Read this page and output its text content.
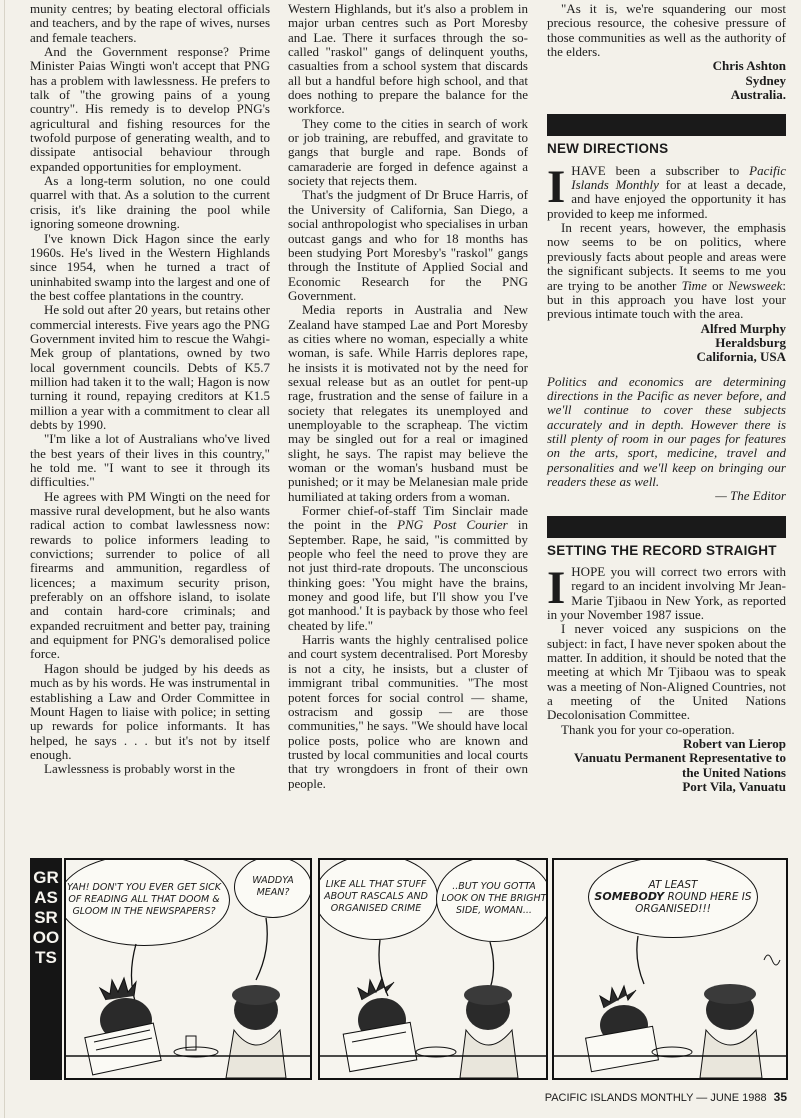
munity centres; by beating electoral officials and teachers, and by the rape of wives, nurses and female teachers.

And the Government response? Prime Minister Paias Wingti won't accept that PNG has a problem with lawlessness. He prefers to talk of "the growing pains of a young country". His remedy is to develop PNG's agricultural and fishing resources for the twofold purpose of generating wealth, and to dissipate antisocial behaviour through expanded opportunities for employment.

As a long-term solution, no one could quarrel with that. As a solution to the current crisis, it's like draining the pool while ignoring someone drowning.

I've known Dick Hagon since the early 1960s. He's lived in the Western Highlands since 1954, when he turned a tract of uninhabited swamp into the largest and one of the best coffee plantations in the country.

He sold out after 20 years, but retains other commercial interests. Five years ago the PNG Government invited him to rescue the Wahgi-Mek group of plantations, owned by two local government councils. Debts of K5.7 million had taken it to the wall; Hagon is now turning it round, repaying creditors at K1.5 million a year with a commitment to clear all debts by 1990.

"I'm like a lot of Australians who've lived the best years of their lives in this country," he told me. "I want to see it through its difficulties."

He agrees with PM Wingti on the need for massive rural development, but he also wants radical action to combat lawlessness now: rewards to police informers leading to convictions; surrender to police of all firearms and ammunition, regardless of licences; a maximum security prison, preferably on an offshore island, to isolate and contain hard-core criminals; and expanded recruitment and better pay, training and equipment for PNG's demoralised police force.

Hagon should be judged by his deeds as much as by his words. He was instrumental in establishing a Law and Order Committee in Mount Hagen to liaise with police; in setting up rewards for police informants. It has helped, he says . . . but it's not by itself enough.

Lawlessness is probably worst in the

Western Highlands, but it's also a problem in major urban centres such as Port Moresby and Lae. There it surfaces through the so-called "raskol" gangs of delinquent youths, casualties from a school system that discards all but a handful before high school, and that does nothing to prepare the balance for the workforce.

They come to the cities in search of work or job training, are rebuffed, and gravitate to gangs that burgle and rape. Bonds of camaraderie are forged in defence against a society that rejects them.

That's the judgment of Dr Bruce Harris, of the University of California, San Diego, a social anthropologist who specialises in urban outcast gangs and who for 18 months has been studying Port Moresby's "raskol" gangs through the Institute of Applied Social and Economic Research for the PNG Government.

Media reports in Australia and New Zealand have stamped Lae and Port Moresby as cities where no woman, especially a white woman, is safe. While Harris deplores rape, he insists it is motivated not by the need for sexual release but as an outlet for pent-up rage, frustration and the sense of failure in a society that relegates its unemployed and unemployable to the scrapheap. The victim may be singled out for a real or imagined slight, he says. The rapist may believe the woman or the woman's husband must be punished; or it may be Melanesian male pride humiliated at taking orders from a woman.

Former chief-of-staff Tim Sinclair made the point in the PNG Post Courier in September. Rape, he said, "is committed by people who feel the need to prove they are not just third-rate dropouts. The unconscious thinking goes: 'You might have the brains, money and good life, but I'll show you I've got manhood.' It is payback by those who feel cheated by life."

Harris wants the highly centralised police and court system decentralised. Port Moresby is not a city, he insists, but a cluster of immigrant tribal communities. "The most potent forces for social control — shame, ostracism and gossip — are those communities," he says. "We should have local police posts, police who are known and trusted by local communities and local courts that try wrongdoers in front of their own people.

"As it is, we're squandering our most precious resource, the cohesive pressure of those communities as well as the authority of the elders.

Chris Ashton

Sydney

Australia.

NEW DIRECTIONS

IHAVE been a subscriber to Pacific Islands Monthly for at least a decade, and have enjoyed the opportunity it has provided to keep me informed.

In recent years, however, the emphasis now seems to be on politics, where previously facts about people and areas were the significant subjects. It seems to me you are trying to be another Time or Newsweek: but in this approach you have lost your previous intimate touch with the area.

Alfred Murphy

Heraldsburg

California, USA

Politics and economics are determining directions in the Pacific as never before, and we'll continue to cover these subjects accurately and in depth. However there is still plenty of room in our pages for features on the arts, sport, medicine, travel and personalities and we'll keep on bringing our readers these as well.

— The Editor
SETTING THE RECORD STRAIGHT

IHOPE you will correct two errors with regard to an incident involving Mr Jean-Marie Tjibaou in New York, as reported in your November 1987 issue.

I never voiced any suspicions on the subject: in fact, I have never spoken about the matter. In addition, it should be noted that the meeting at which Mr Tjibaou was to speak was a meeting of Non-Aligned Countries, not a meeting of the United Nations Decolonisation Committee.

Thank you for your co-operation.

Robert van Lierop

Vanuatu Permanent Representative to

the United Nations

Port Vila, Vanuatu

GRASSROOTS
YAH! DON'T YOU EVER GET SICK OF READING ALL THAT DOOM & GLOOM IN THE NEWSPAPERS?
WADDYA MEAN?
LIKE ALL THAT STUFF ABOUT RASCALS AND ORGANISED CRIME
..BUT YOU GOTTA LOOK ON THE BRIGHT SIDE, WOMAN...
AT LEAST
SOMEBODY ROUND HERE IS ORGANISED!!!
PACIFIC ISLANDS MONTHLY — JUNE 1988 35
